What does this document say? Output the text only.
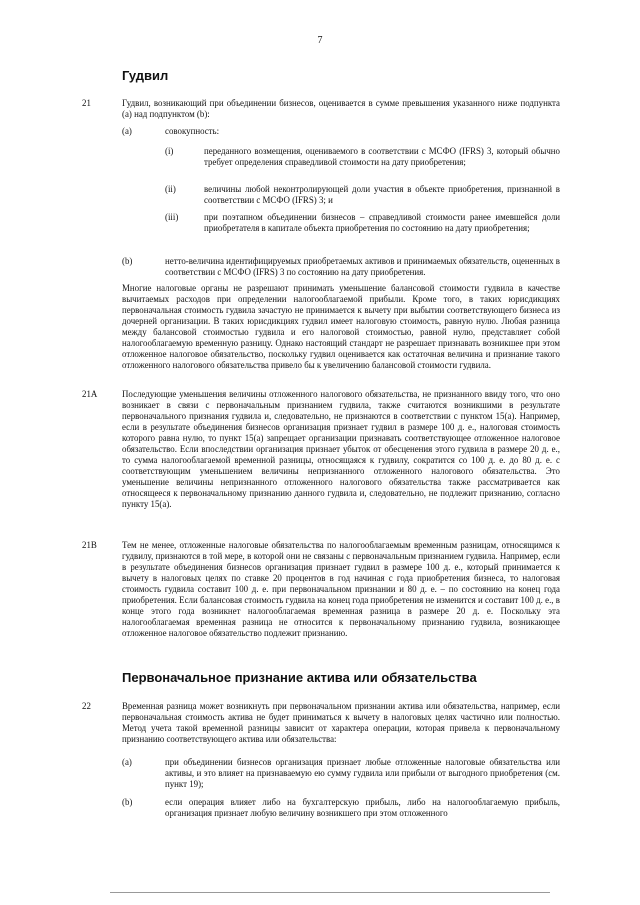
7
Гудвил
21	Гудвил, возникающий при объединении бизнесов, оценивается в сумме превышения указанного ниже подпункта (а) над подпунктом (b):
(a)	совокупность:
(i)	переданного возмещения, оцениваемого в соответствии с МСФО (IFRS) 3, который обычно требует определения справедливой стоимости на дату приобретения;
(ii)	величины любой неконтролирующей доли участия в объекте приобретения, признанной в соответствии с МСФО (IFRS) 3; и
(iii)	при поэтапном объединении бизнесов – справедливой стоимости ранее имевшейся доли приобретателя в капитале объекта приобретения по состоянию на дату приобретения;
(b)	нетто-величина идентифицируемых приобретаемых активов и принимаемых обязательств, оцененных в соответствии с МСФО (IFRS) 3 по состоянию на дату приобретения.
Многие налоговые органы не разрешают принимать уменьшение балансовой стоимости гудвила в качестве вычитаемых расходов при определении налогооблагаемой прибыли. Кроме того, в таких юрисдикциях первоначальная стоимость гудвила зачастую не принимается к вычету при выбытии соответствующего бизнеса из дочерней организации. В таких юрисдикциях гудвил имеет налоговую стоимость, равную нулю. Любая разница между балансовой стоимостью гудвила и его налоговой стоимостью, равной нулю, представляет собой налогооблагаемую временную разницу. Однако настоящий стандарт не разрешает признавать возникшее при этом отложенное налоговое обязательство, поскольку гудвил оценивается как остаточная величина и признание такого отложенного налогового обязательства привело бы к увеличению балансовой стоимости гудвила.
21A	Последующие уменьшения величины отложенного налогового обязательства, не признанного ввиду того, что оно возникает в связи с первоначальным признанием гудвила, также считаются возникшими в результате первоначального признания гудвила и, следовательно, не признаются в соответствии с пунктом 15(a). Например, если в результате объединения бизнесов организация признает гудвил в размере 100 д. е., налоговая стоимость которого равна нулю, то пункт 15(a) запрещает организации признавать соответствующее отложенное налоговое обязательство. Если впоследствии организация признает убыток от обесценения этого гудвила в размере 20 д. е., то сумма налогооблагаемой временной разницы, относящаяся к гудвилу, сократится со 100 д. е. до 80 д. е. с соответствующим уменьшением величины непризнанного отложенного налогового обязательства. Это уменьшение величины непризнанного отложенного налогового обязательства также рассматривается как относящееся к первоначальному признанию данного гудвила и, следовательно, не подлежит признанию, согласно пункту 15(a).
21B	Тем не менее, отложенные налоговые обязательства по налогооблагаемым временным разницам, относящимся к гудвилу, признаются в той мере, в которой они не связаны с первоначальным признанием гудвила. Например, если в результате объединения бизнесов организация признает гудвил в размере 100 д. е., который принимается к вычету в налоговых целях по ставке 20 процентов в год начиная с года приобретения бизнеса, то налоговая стоимость гудвила составит 100 д. е. при первоначальном признании и 80 д. е. – по состоянию на конец года приобретения. Если балансовая стоимость гудвила на конец года приобретения не изменится и составит 100 д. е., в конце этого года возникнет налогооблагаемая временная разница в размере 20 д. е. Поскольку эта налогооблагаемая временная разница не относится к первоначальному признанию гудвила, возникающее отложенное налоговое обязательство подлежит признанию.
Первоначальное признание актива или обязательства
22	Временная разница может возникнуть при первоначальном признании актива или обязательства, например, если первоначальная стоимость актива не будет приниматься к вычету в налоговых целях частично или полностью. Метод учета такой временной разницы зависит от характера операции, которая привела к первоначальному признанию соответствующего актива или обязательства:
(a)	при объединении бизнесов организация признает любые отложенные налоговые обязательства или активы, и это влияет на признаваемую ею сумму гудвила или прибыли от выгодного приобретения (см. пункт 19);
(b)	если операция влияет либо на бухгалтерскую прибыль, либо на налогооблагаемую прибыль, организация признает любую величину возникшего при этом отложенного
